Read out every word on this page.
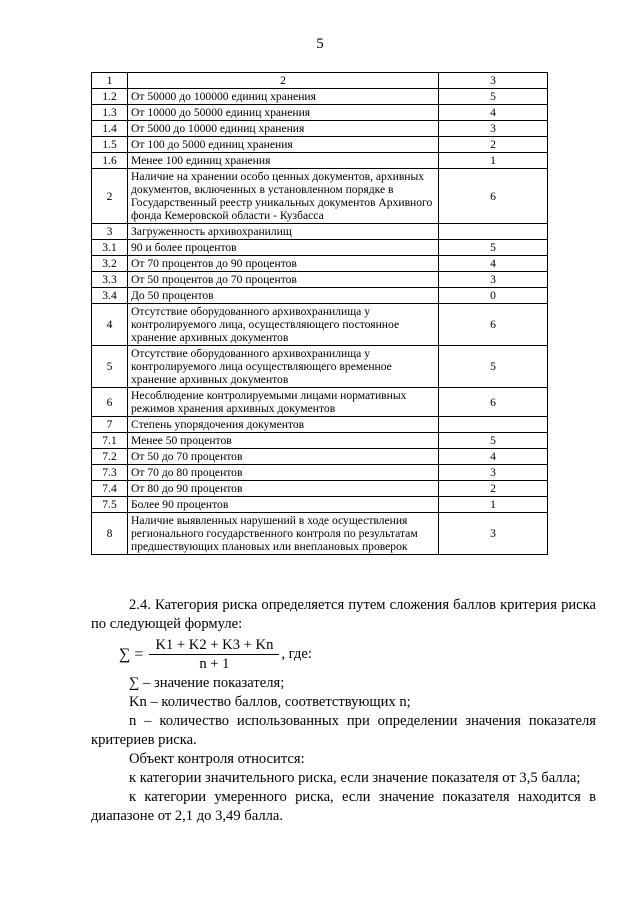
5
1	2	3
1.2	От 50000 до 100000 единиц хранения	5
1.3	От 10000 до 50000 единиц хранения	4
1.4	От 5000 до 10000 единиц хранения	3
1.5	От 100 до 5000 единиц хранения	2
1.6	Менее 100 единиц хранения	1
2	Наличие на хранении особо ценных документов, архивных документов, включенных в установленном порядке в Государственный реестр уникальных документов Архивного фонда Кемеровской области - Кузбасса	6
3	Загруженность архивохранилищ	
3.1	90 и более процентов	5
3.2	От 70 процентов до 90 процентов	4
3.3	От 50 процентов до 70 процентов	3
3.4	До 50 процентов	0
4	Отсутствие оборудованного архивохранилища у контролируемого лица, осуществляющего постоянное хранение архивных документов	6
5	Отсутствие оборудованного архивохранилища у контролируемого лица осуществляющего временное хранение архивных документов	5
6	Несоблюдение контролируемыми лицами нормативных режимов хранения архивных документов	6
7	Степень упорядочения документов	
7.1	Менее 50 процентов	5
7.2	От 50 до 70 процентов	4
7.3	От 70 до 80 процентов	3
7.4	От 80 до 90 процентов	2
7.5	Более 90 процентов	1
8	Наличие выявленных нарушений в ходе осуществления регионального государственного контроля по результатам предшествующих плановых или внеплановых проверок	3

2.4. Категория риска определяется путем сложения баллов критерия риска по следующей формуле:

∑ = $\frac{K1 + K2 + K3 + Kn}{n + 1}$ , где:

∑ – значение показателя;

Kn – количество баллов, соответствующих n;

n – количество использованных при определении значения показателя критериев риска.

Объект контроля относится:

к категории значительного риска, если значение показателя от 3,5 балла;

к категории умеренного риска, если значение показателя находится в диапазоне от 2,1 до 3,49 балла.
